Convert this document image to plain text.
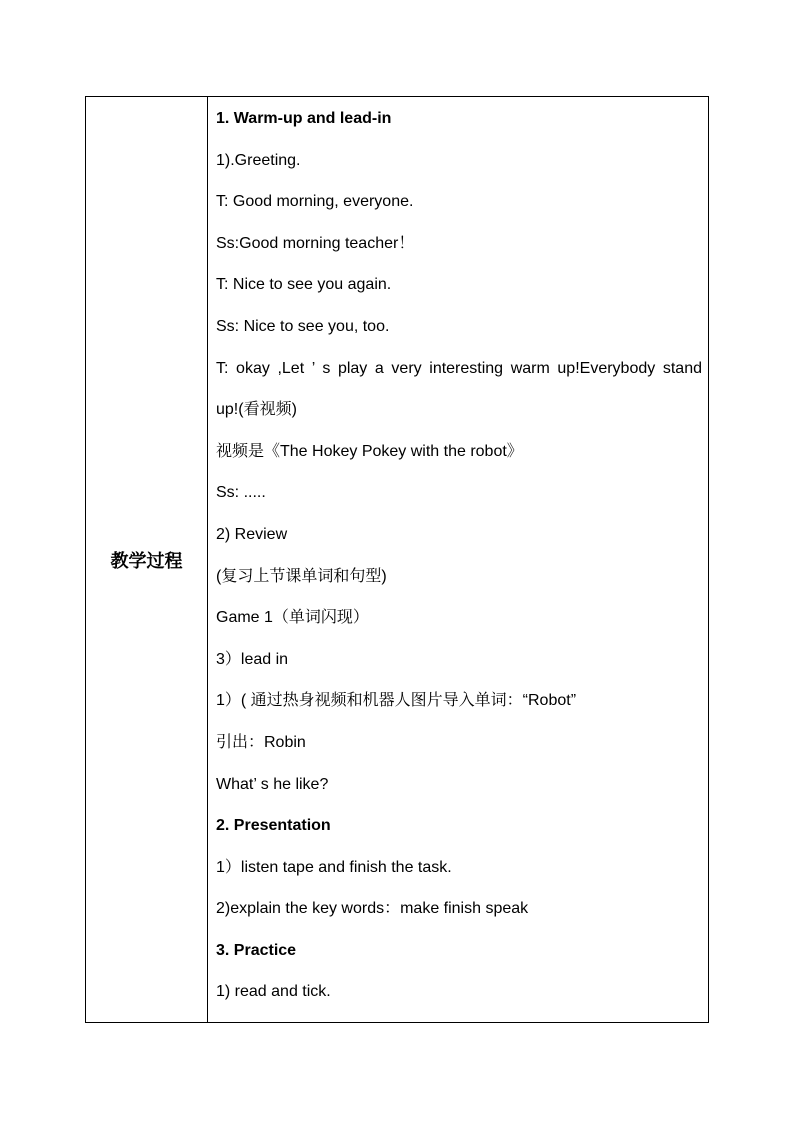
教学过程	
1. Warm-up and lead-in
1).Greeting.
T: Good morning, everyone.
Ss:Good morning teacher！
T: Nice to see you again.
Ss: Nice to see you, too.
T: okay ,Let ’ s play a very interesting warm up!Everybody stand
up!(看视频)
视频是《The Hokey Pokey with the robot》
Ss: .....
2) Review
(复习上节课单词和句型)
Game 1（单词闪现）
3）lead in
1）( 通过热身视频和机器人图片导入单词：“Robot”
引出：Robin
What’ s he like?
2. Presentation
1）listen tape and finish the task.
2)explain the key words：make finish speak
3. Practice
1) read and tick.
